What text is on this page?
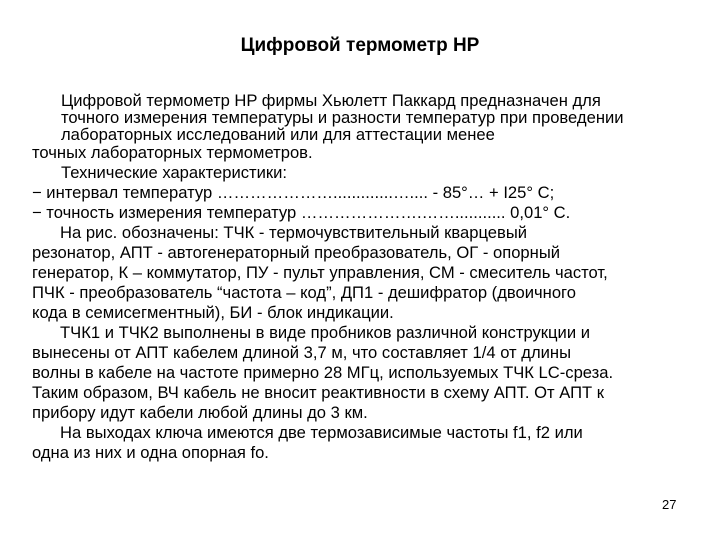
Цифровой термометр HP
Цифровой термометр HP фирмы Хьюлетт Паккард предназначен для
точного измерения температуры и разности температур при проведении
лабораторных исследований или для аттестации менее
точных лабораторных термометров.
Технические характеристики:
− интервал температур ………………….............….... - 85°… + I25° C;
− точность измерения температур ………………….……........... 0,01° С.
На рис. обозначены: ТЧК - термочувствительный кварцевый
резонатор, АПТ - автогенераторный преобразователь, ОГ - опорный
генератор, К – коммутатор, ПУ - пульт управления, СМ - смеситель частот,
ПЧК - преобразователь “частота – код”, ДП1 - дешифратор (двоичного
кода в семисегментный), БИ - блок индикации.
ТЧК1 и ТЧК2 выполнены в виде пробников различной конструкции и
вынесены от АПТ кабелем длиной 3,7 м, что составляет 1/4 от длины
волны в кабеле на частоте примерно 28 МГц, используемых ТЧК LC-среза.
Таким образом, ВЧ кабель не вносит реактивности в схему АПТ. От АПТ к
прибору идут кабели любой длины до 3 км.
На выходах ключа имеются две термозависимые частоты f1, f2 или
одна из них и одна опорная fo.
27
